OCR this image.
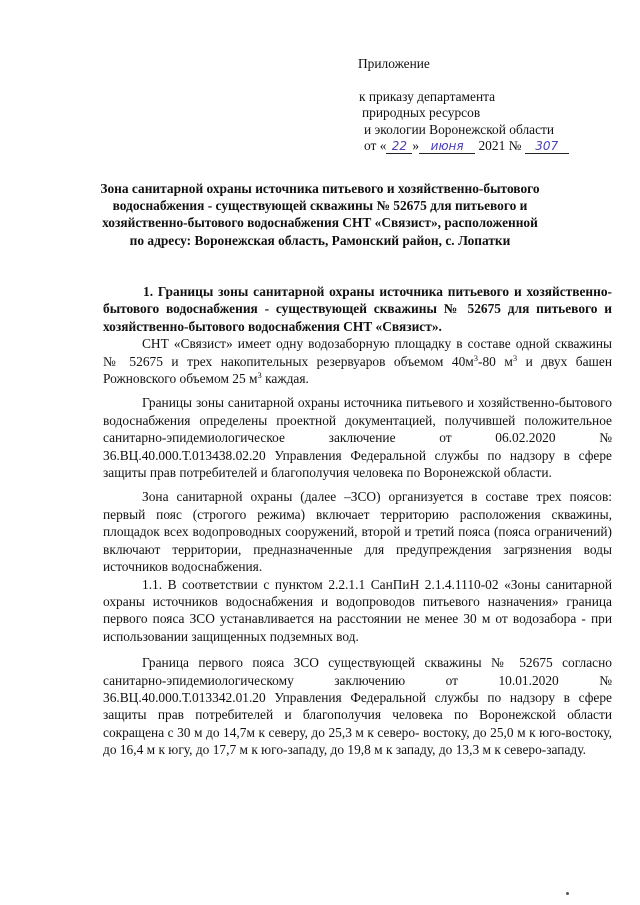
Приложение
к приказу департамента
природных ресурсов
и экологии Воронежской области
от « 22 » июня 2021 № 307
Зона санитарной охраны источника питьевого и хозяйственно-бытового водоснабжения - существующей скважины № 52675 для питьевого и хозяйственно-бытового водоснабжения СНТ «Связист», расположенной по адресу: Воронежская область, Рамонский район, с. Лопатки

1. Границы зоны санитарной охраны источника питьевого и хозяйственно-бытового водоснабжения - существующей скважины № 52675 для питьевого и хозяйственно-бытового водоснабжения СНТ «Связист».

СНТ «Связист» имеет одну водозаборную площадку в составе одной скважины № 52675 и трех накопительных резервуаров объемом $40м^3-80$ $м^3$ и двух башен Рожновского объемом 25 $м^3$ каждая.

Границы зоны санитарной охраны источника питьевого и хозяйственно-бытового водоснабжения определены проектной документацией, получившей положительное санитарно-эпидемиологическое заключение от 06.02.2020 № 36.ВЦ.40.000.Т.013438.02.20 Управления Федеральной службы по надзору в сфере защиты прав потребителей и благополучия человека по Воронежской области.

Зона санитарной охраны (далее –ЗСО) организуется в составе трех поясов: первый пояс (строгого режима) включает территорию расположения скважины, площадок всех водопроводных сооружений, второй и третий пояса (пояса ограничений) включают территории, предназначенные для предупреждения загрязнения воды источников водоснабжения.

1.1. В соответствии с пунктом 2.2.1.1 СанПиН 2.1.4.1110-02 «Зоны санитарной охраны источников водоснабжения и водопроводов питьевого назначения» граница первого пояса ЗСО устанавливается на расстоянии не менее 30 м от водозабора - при использовании защищенных подземных вод.

Граница первого пояса ЗСО существующей скважины № 52675 согласно санитарно-эпидемиологическому заключению от 10.01.2020 № 36.ВЦ.40.000.Т.013342.01.20 Управления Федеральной службы по надзору в сфере защиты прав потребителей и благополучия человека по Воронежской области сокращена с 30 м до 14,7м к северу, до 25,3 м к северо- востоку, до 25,0 м к юго-востоку, до 16,4 м к югу, до 17,7 м к юго-западу, до 19,8 м к западу, до 13,3 м к северо-западу.
